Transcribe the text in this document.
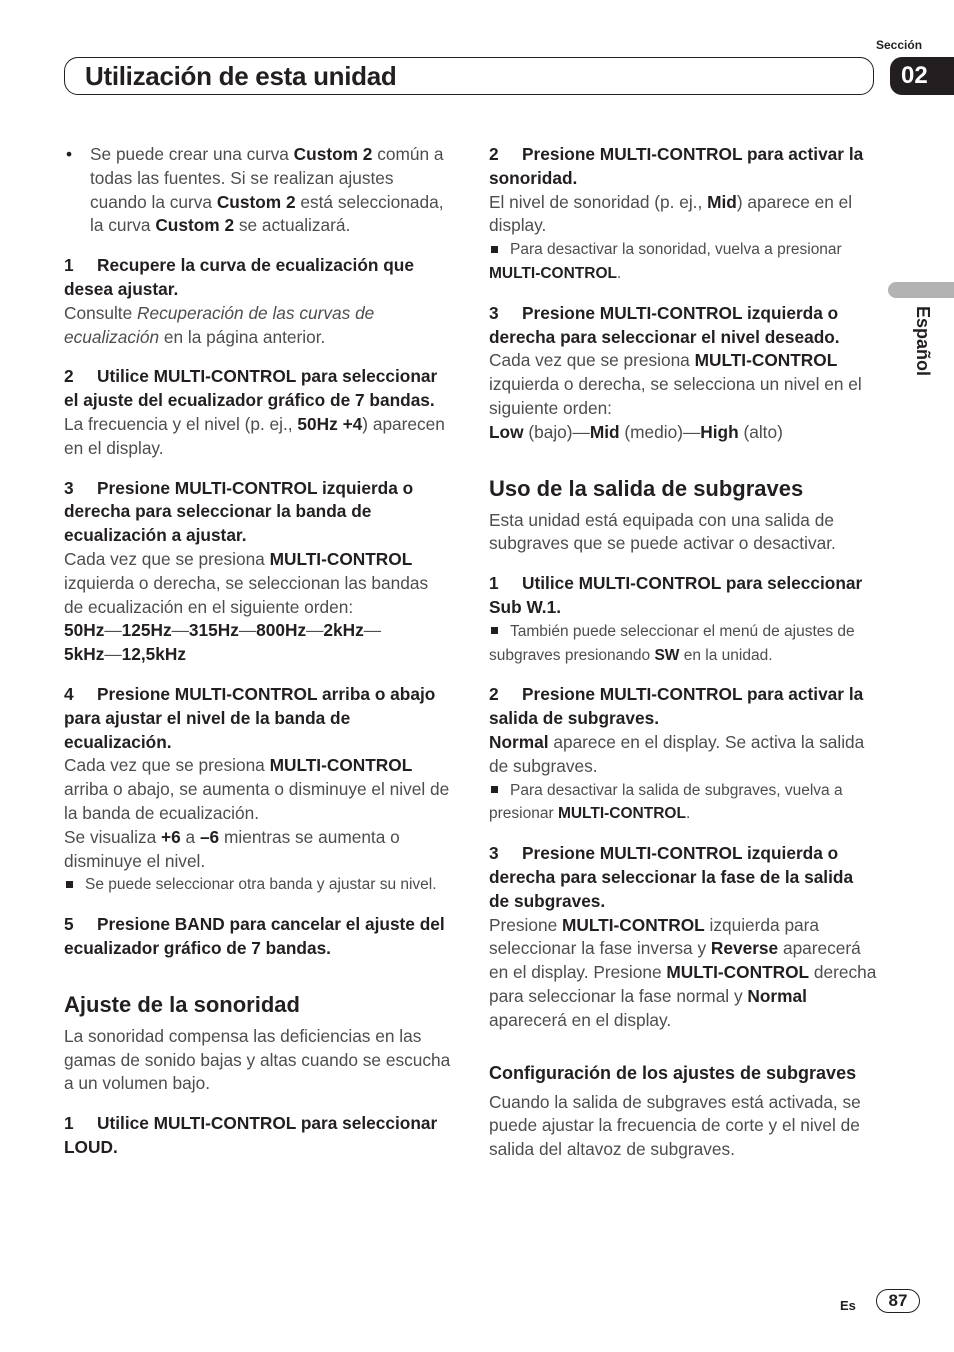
Sección
Utilización de esta unidad	02
Español

• Se puede crear una curva Custom 2 común a todas las fuentes. Si se realizan ajustes cuando la curva Custom 2 está seleccionada, la curva Custom 2 se actualizará.

1 Recupere la curva de ecualización que desea ajustar.

Consulte Recuperación de las curvas de ecualización en la página anterior.

2 Utilice MULTI-CONTROL para seleccionar el ajuste del ecualizador gráfico de 7 bandas.

La frecuencia y el nivel (p. ej., 50Hz +4) aparecen en el display.

3 Presione MULTI-CONTROL izquierda o derecha para seleccionar la banda de ecualización a ajustar.

Cada vez que se presiona MULTI-CONTROL izquierda o derecha, se seleccionan las bandas de ecualización en el siguiente orden:

50Hz—125Hz—315Hz—800Hz—2kHz—
5kHz—12,5kHz

4 Presione MULTI-CONTROL arriba o abajo para ajustar el nivel de la banda de ecualización.

Cada vez que se presiona MULTI-CONTROL arriba o abajo, se aumenta o disminuye el nivel de la banda de ecualización.

Se visualiza +6 a –6 mientras se aumenta o disminuye el nivel.

Se puede seleccionar otra banda y ajustar su nivel.

5 Presione BAND para cancelar el ajuste del ecualizador gráfico de 7 bandas.

Ajuste de la sonoridad

La sonoridad compensa las deficiencias en las gamas de sonido bajas y altas cuando se escucha a un volumen bajo.

1 Utilice MULTI-CONTROL para seleccionar LOUD.

2 Presione MULTI-CONTROL para activar la sonoridad.

El nivel de sonoridad (p. ej., Mid) aparece en el display.

Para desactivar la sonoridad, vuelva a presionar MULTI-CONTROL.

3 Presione MULTI-CONTROL izquierda o derecha para seleccionar el nivel deseado.

Cada vez que se presiona MULTI-CONTROL izquierda o derecha, se selecciona un nivel en el siguiente orden:

Low (bajo)—Mid (medio)—High (alto)

Uso de la salida de subgraves

Esta unidad está equipada con una salida de subgraves que se puede activar o desactivar.

1 Utilice MULTI-CONTROL para seleccionar Sub W.1.

También puede seleccionar el menú de ajustes de subgraves presionando SW en la unidad.

2 Presione MULTI-CONTROL para activar la salida de subgraves.

Normal aparece en el display. Se activa la salida de subgraves.

Para desactivar la salida de subgraves, vuelva a presionar MULTI-CONTROL.

3 Presione MULTI-CONTROL izquierda o derecha para seleccionar la fase de la salida de subgraves.

Presione MULTI-CONTROL izquierda para seleccionar la fase inversa y Reverse aparecerá en el display. Presione MULTI-CONTROL derecha para seleccionar la fase normal y Normal aparecerá en el display.

Configuración de los ajustes de subgraves

Cuando la salida de subgraves está activada, se puede ajustar la frecuencia de corte y el nivel de salida del altavoz de subgraves.

Es	87
